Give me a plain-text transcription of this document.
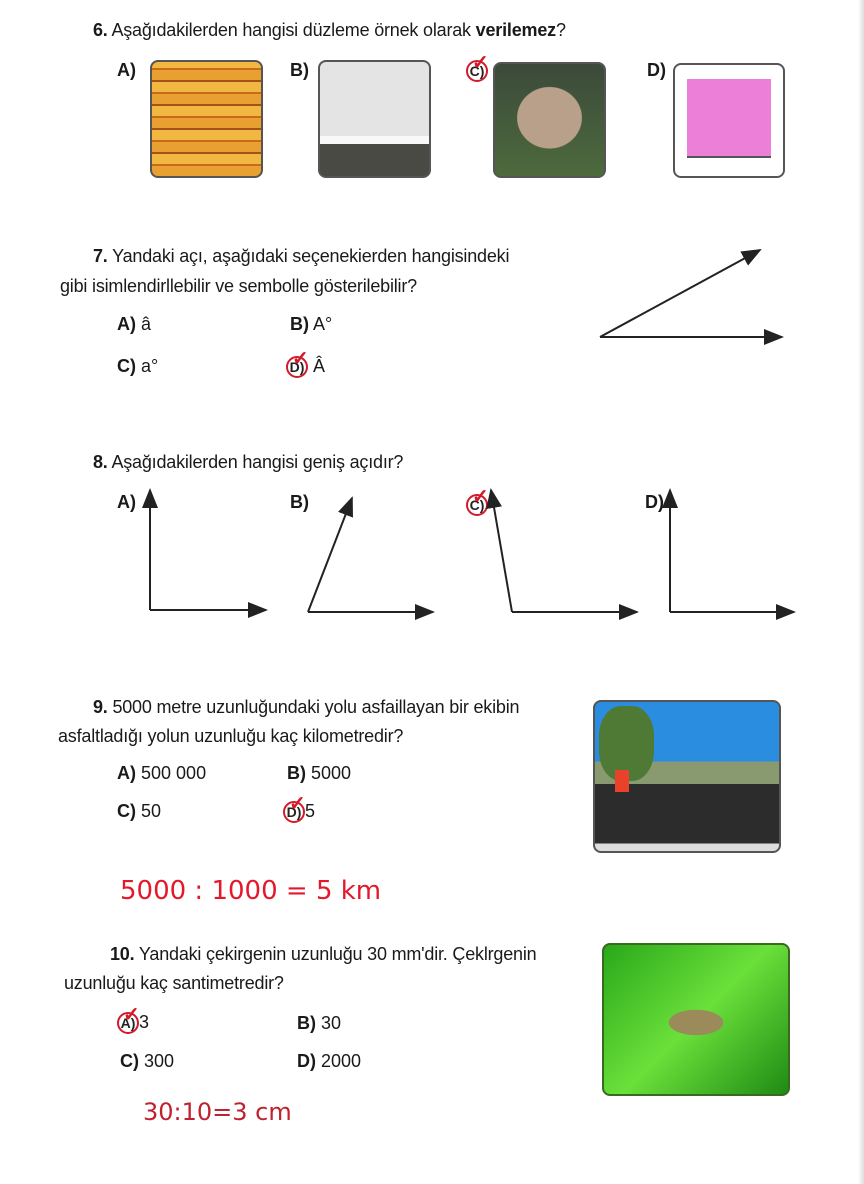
6. Aşağıdakilerden hangisi düzleme örnek olarak verilemez?
A)	B)	C) ✓	D)
7. Yandaki açı, aşağıdaki seçenekierden hangisindeki
gibi isimlendirllebilir ve sembolle gösterilebilir?
A) â	B) A°
C) a°	D) ✓ Â
8. Aşağıdakilerden hangisi geniş açıdır?
A)	B)	C) ✓	D)
9. 5000 metre uzunluğundaki yolu asfaillayan bir ekibin
asfaltladığı yolun uzunluğu kaç kilometredir?
A) 500 000	B) 5000
C) 50	D) ✓ 5
5000 : 1000 = 5 km
10. Yandaki çekirgenin uzunluğu 30 mm'dir. Çeklrgenin
uzunluğu kaç santimetredir?
A) ✓ 3	B) 30
C) 300	D) 2000
30:10=3 cm
